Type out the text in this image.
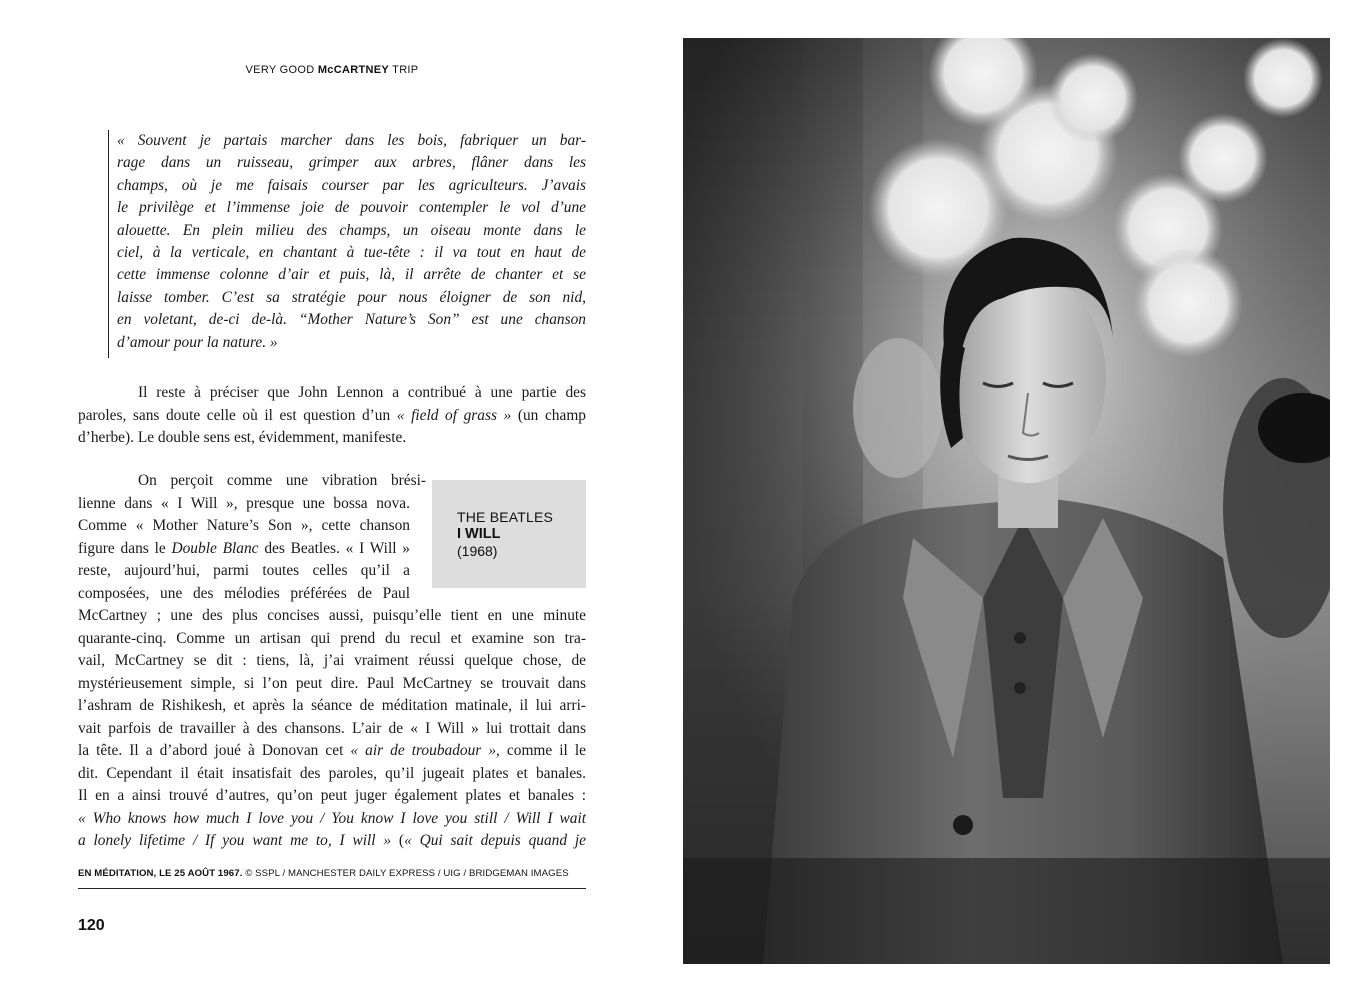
VERY GOOD McCARTNEY TRIP
« Souvent je partais marcher dans les bois, fabriquer un bar-
rage dans un ruisseau, grimper aux arbres, flâner dans les
champs, où je me faisais courser par les agriculteurs. J’avais
le privilège et l’immense joie de pouvoir contempler le vol d’une
alouette. En plein milieu des champs, un oiseau monte dans le
ciel, à la verticale, en chantant à tue-tête : il va tout en haut de
cette immense colonne d’air et puis, là, il arrête de chanter et se
laisse tomber. C’est sa stratégie pour nous éloigner de son nid,
en voletant, de-ci de-là. “Mother Nature’s Son” est une chanson
d’amour pour la nature. »
Il reste à préciser que John Lennon a contribué à une partie des
paroles, sans doute celle où il est question d’un « field of grass » (un champ
d’herbe). Le double sens est, évidemment, manifeste.
On perçoit comme une vibration brési-
lienne dans « I Will », presque une bossa nova.
Comme « Mother Nature’s Son », cette chanson
figure dans le Double Blanc des Beatles. « I Will »
reste, aujourd’hui, parmi toutes celles qu’il a
composées, une des mélodies préférées de Paul
McCartney ; une des plus concises aussi, puisqu’elle tient en une minute
quarante-cinq. Comme un artisan qui prend du recul et examine son tra-
vail, McCartney se dit : tiens, là, j’ai vraiment réussi quelque chose, de
mystérieusement simple, si l’on peut dire. Paul McCartney se trouvait dans
l’ashram de Rishikesh, et après la séance de méditation matinale, il lui arri-
vait parfois de travailler à des chansons. L’air de « I Will » lui trottait dans
la tête. Il a d’abord joué à Donovan cet « air de troubadour », comme il le
dit. Cependant il était insatisfait des paroles, qu’il jugeait plates et banales.
Il en a ainsi trouvé d’autres, qu’on peut juger également plates et banales :
« Who knows how much I love you / You know I love you still / Will I wait
a lonely lifetime / If you want me to, I will » (« Qui sait depuis quand je
THE BEATLES
I WILL
(1968)
EN MÉDITATION, LE 25 AOÛT 1967. © SSPL / MANCHESTER DAILY EXPRESS / UIG / BRIDGEMAN IMAGES
120
